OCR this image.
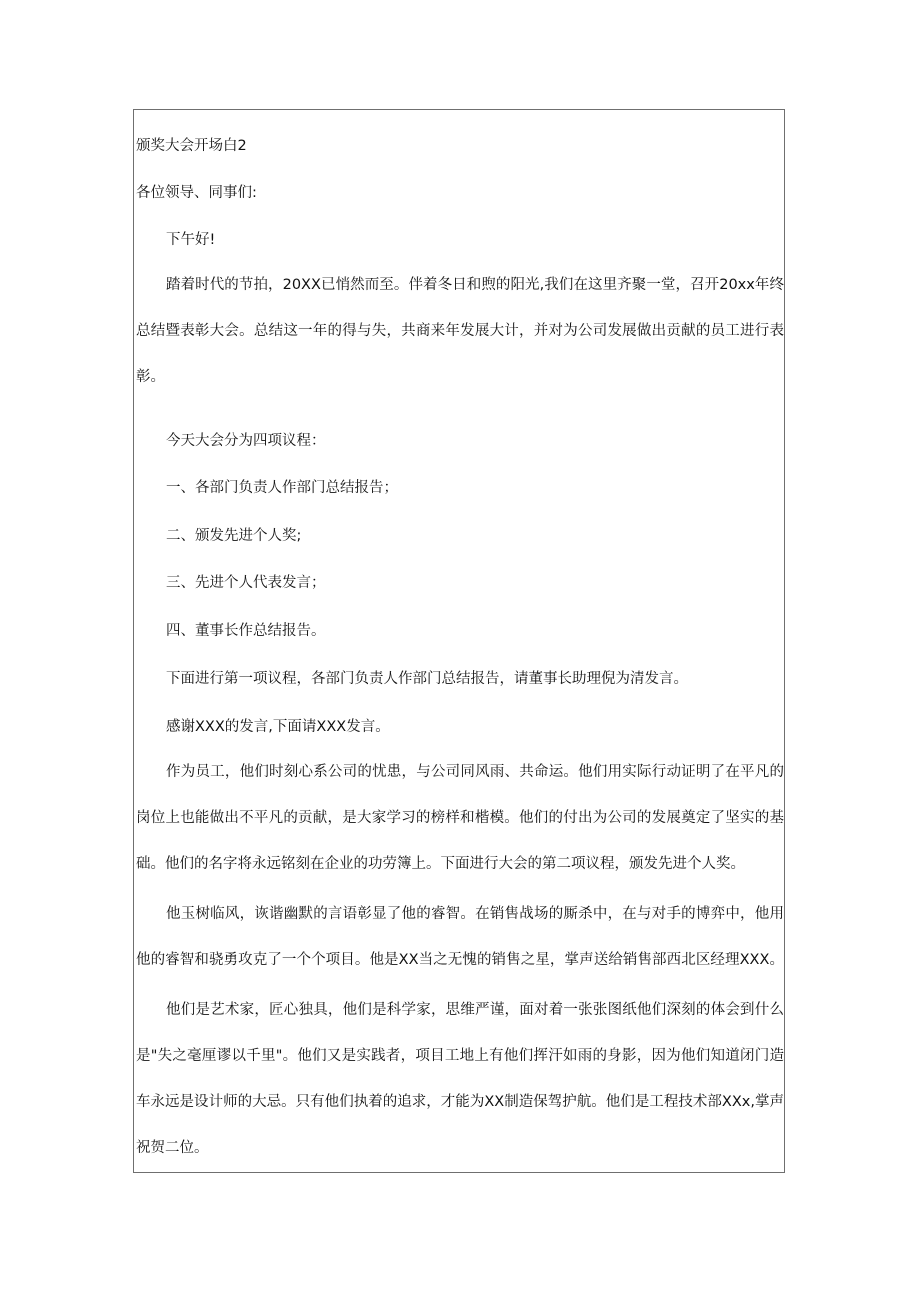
颁奖大会开场白2

各位领导、同事们:

下午好!

踏着时代的节拍，20XX已悄然而至。伴着冬日和煦的阳光,我们在这里齐聚一堂，召开20xx年终
总结暨表彰大会。总结这一年的得与失，共商来年发展大计，并对为公司发展做出贡献的员工进行表
彰。

今天大会分为四项议程：

一、各部门负责人作部门总结报告；

二、颁发先进个人奖;

三、先进个人代表发言；

四、董事长作总结报告。

下面进行第一项议程，各部门负责人作部门总结报告，请董事长助理倪为清发言。

感谢XXX的发言,下面请XXX发言。

作为员工，他们时刻心系公司的忧患，与公司同风雨、共命运。他们用实际行动证明了在平凡的
岗位上也能做出不平凡的贡献，是大家学习的榜样和楷模。他们的付出为公司的发展奠定了坚实的基
础。他们的名字将永远铭刻在企业的功劳簿上。下面进行大会的第二项议程，颁发先进个人奖。
他玉树临风，诙谐幽默的言语彰显了他的睿智。在销售战场的厮杀中，在与对手的博弈中，他用
他的睿智和骁勇攻克了一个个项目。他是XX当之无愧的销售之星，掌声送给销售部西北区经理XXX。
他们是艺术家，匠心独具，他们是科学家，思维严谨，面对着一张张图纸他们深刻的体会到什么
是"失之毫厘谬以千里"。他们又是实践者，项目工地上有他们挥汗如雨的身影，因为他们知道闭门造
车永远是设计师的大忌。只有他们执着的追求，才能为XX制造保驾护航。他们是工程技术部XXx,掌声
祝贺二位。
